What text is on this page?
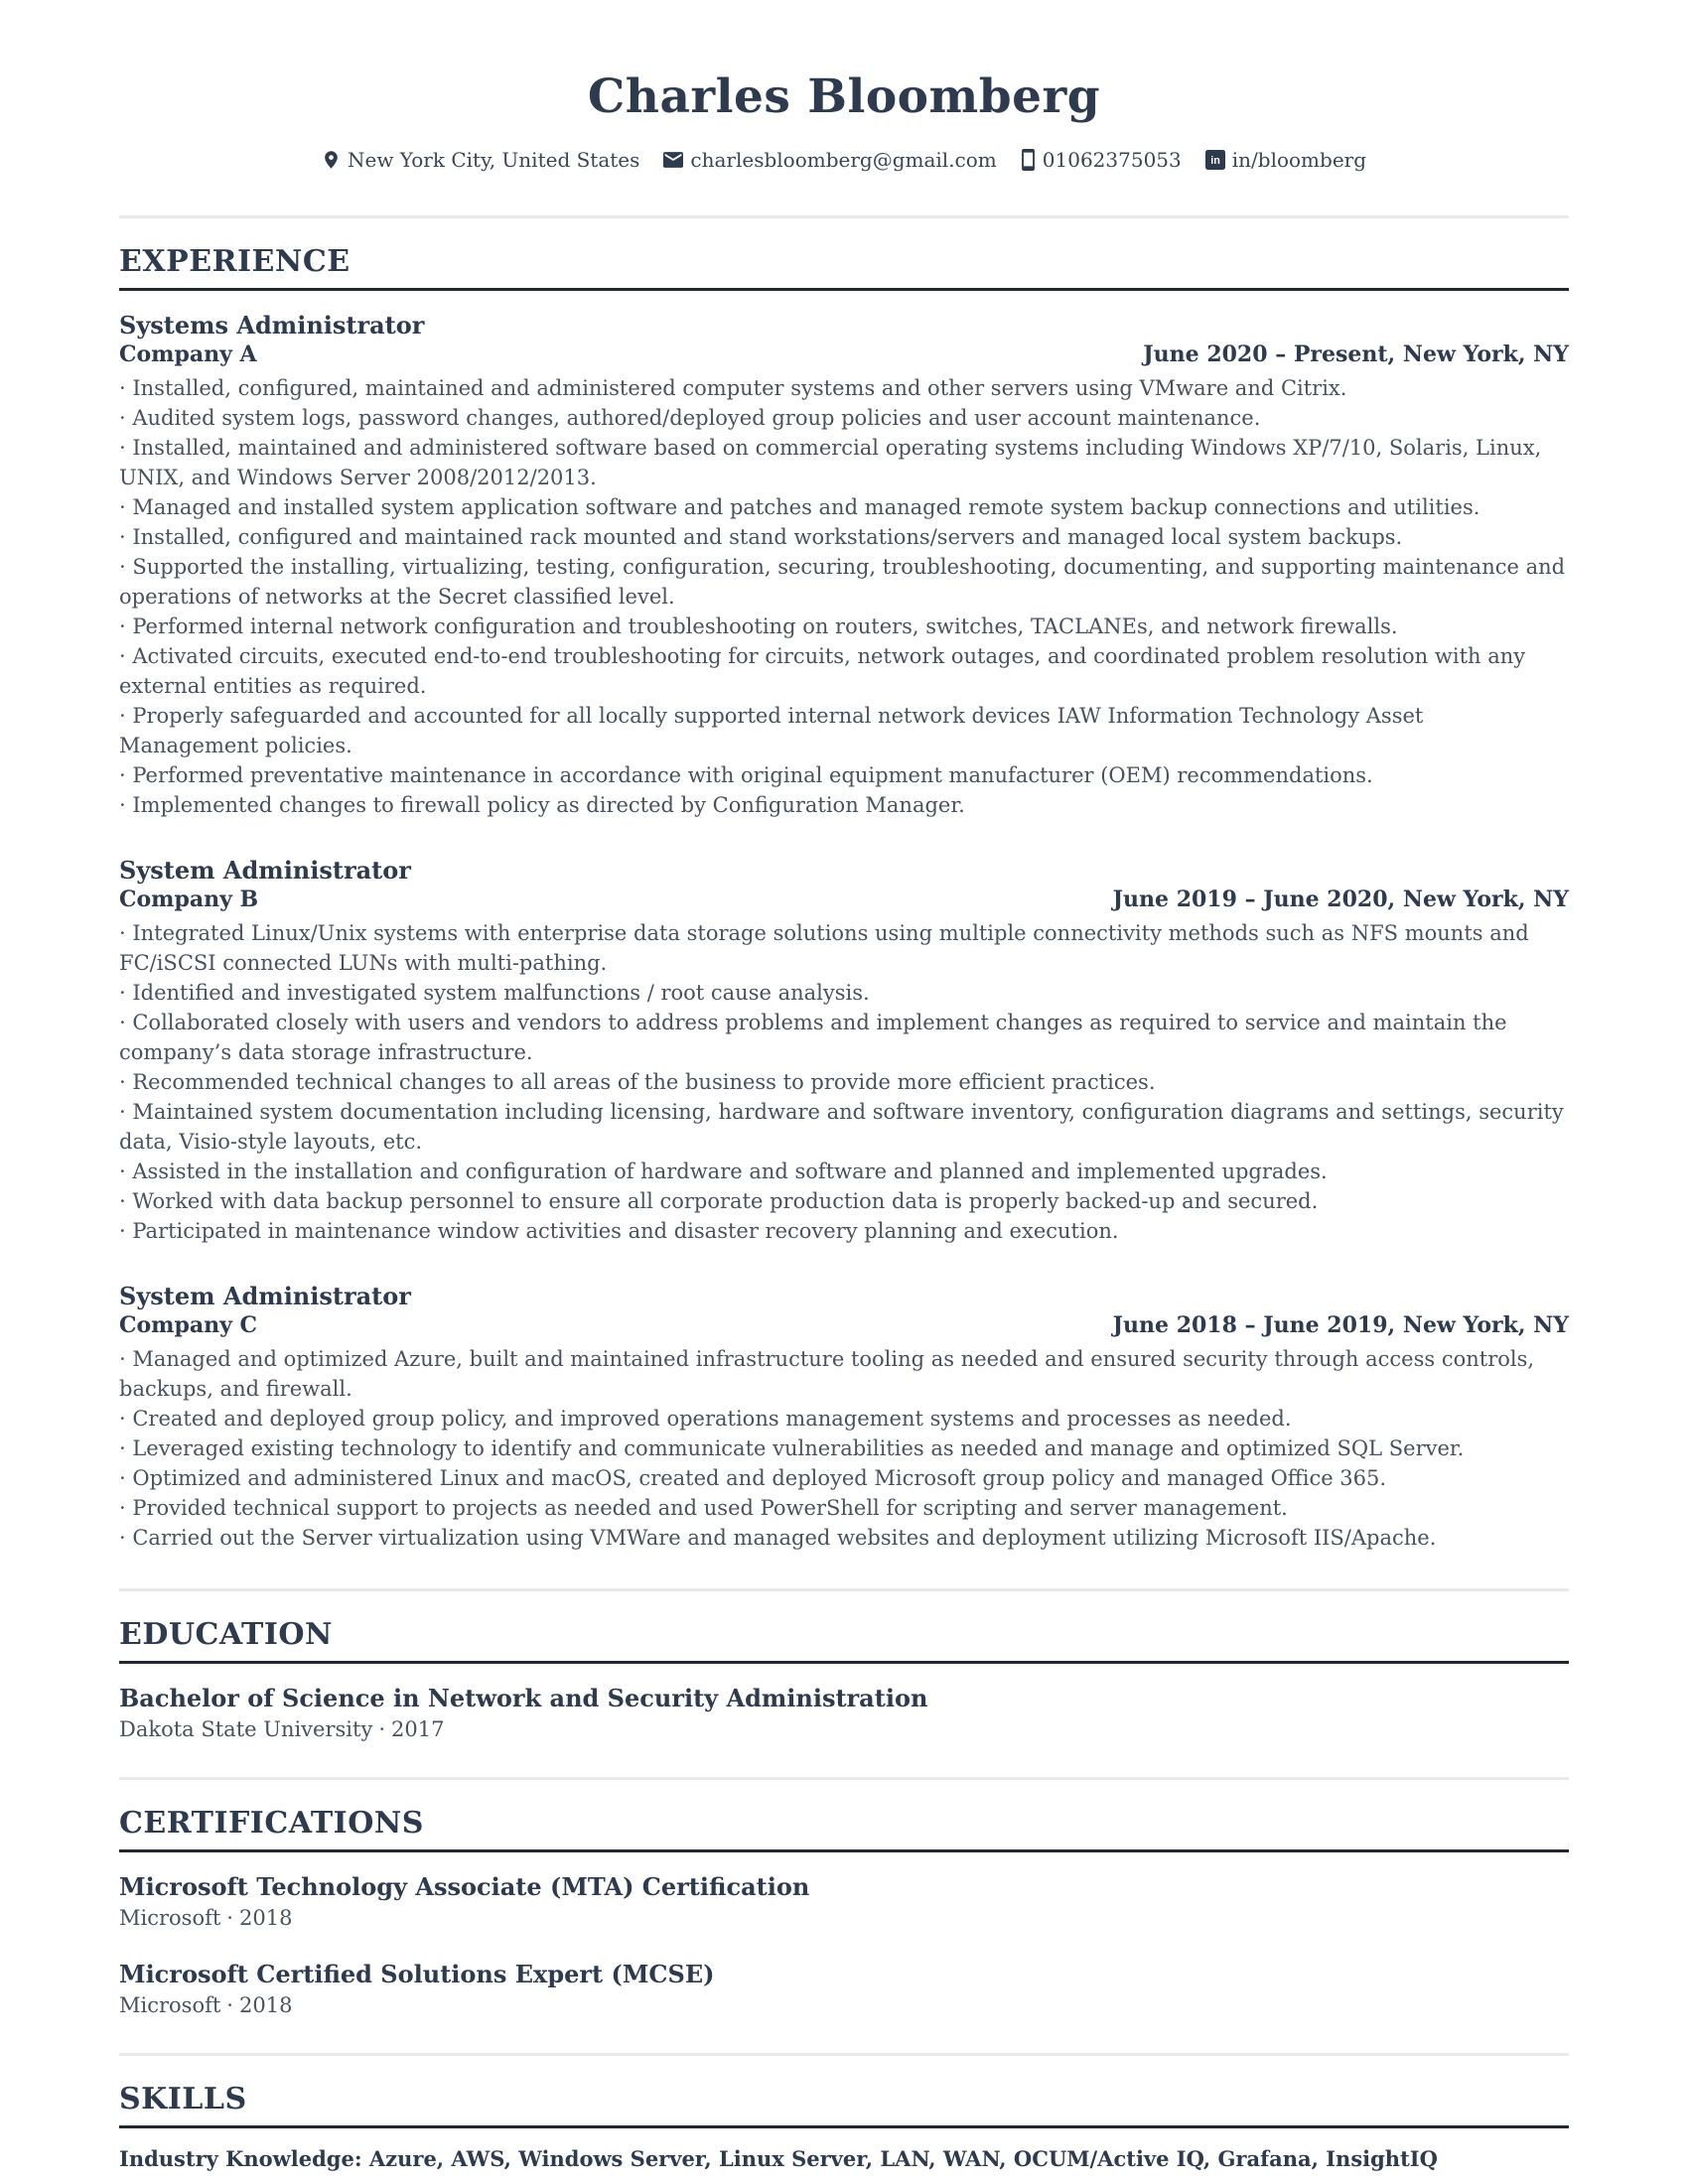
Charles Bloomberg
New York City, United States	charlesbloomberg@gmail.com 01062375053 in in/bloomberg
EXPERIENCE
Systems Administrator
Company A	June 2020 – Present, New York, NY
· Installed, configured, maintained and administered computer systems and other servers using VMware and Citrix.
· Audited system logs, password changes, authored/deployed group policies and user account maintenance.
· Installed, maintained and administered software based on commercial operating systems including Windows XP/7/10, Solaris, Linux, UNIX, and Windows Server 2008/2012/2013.
· Managed and installed system application software and patches and managed remote system backup connections and utilities.
· Installed, configured and maintained rack mounted and stand workstations/servers and managed local system backups.
· Supported the installing, virtualizing, testing, configuration, securing, troubleshooting, documenting, and supporting maintenance and operations of networks at the Secret classified level.
· Performed internal network configuration and troubleshooting on routers, switches, TACLANEs, and network firewalls.
· Activated circuits, executed end-to-end troubleshooting for circuits, network outages, and coordinated problem resolution with any external entities as required.
· Properly safeguarded and accounted for all locally supported internal network devices IAW Information Technology Asset Management policies.
· Performed preventative maintenance in accordance with original equipment manufacturer (OEM) recommendations.
· Implemented changes to firewall policy as directed by Configuration Manager.
System Administrator
Company B	June 2019 – June 2020, New York, NY
· Integrated Linux/Unix systems with enterprise data storage solutions using multiple connectivity methods such as NFS mounts and FC/iSCSI connected LUNs with multi-pathing.
· Identified and investigated system malfunctions / root cause analysis.
· Collaborated closely with users and vendors to address problems and implement changes as required to service and maintain the company’s data storage infrastructure.
· Recommended technical changes to all areas of the business to provide more efficient practices.
· Maintained system documentation including licensing, hardware and software inventory, configuration diagrams and settings, security data, Visio-style layouts, etc.
· Assisted in the installation and configuration of hardware and software and planned and implemented upgrades.
· Worked with data backup personnel to ensure all corporate production data is properly backed-up and secured.
· Participated in maintenance window activities and disaster recovery planning and execution.
System Administrator
Company C	June 2018 – June 2019, New York, NY
· Managed and optimized Azure, built and maintained infrastructure tooling as needed and ensured security through access controls, backups, and firewall.
· Created and deployed group policy, and improved operations management systems and processes as needed.
· Leveraged existing technology to identify and communicate vulnerabilities as needed and manage and optimized SQL Server.
· Optimized and administered Linux and macOS, created and deployed Microsoft group policy and managed Office 365.
· Provided technical support to projects as needed and used PowerShell for scripting and server management.
· Carried out the Server virtualization using VMWare and managed websites and deployment utilizing Microsoft IIS/Apache.
EDUCATION
Bachelor of Science in Network and Security Administration
Dakota State University · 2017
CERTIFICATIONS
Microsoft Technology Associate (MTA) Certification
Microsoft · 2018
Microsoft Certified Solutions Expert (MCSE)
Microsoft · 2018
SKILLS

Industry Knowledge: Azure, AWS, Windows Server, Linux Server, LAN, WAN, OCUM/Active IQ, Grafana, InsightIQ
